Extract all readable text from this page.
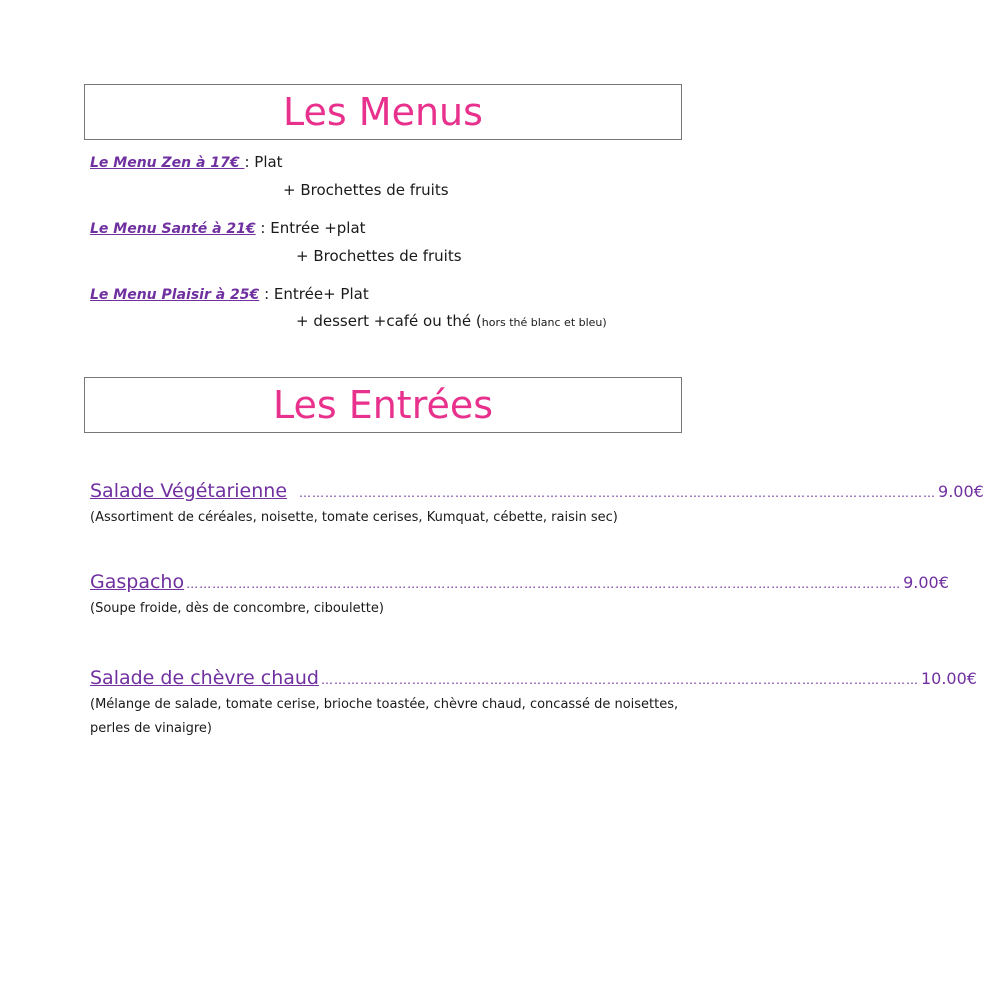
Les Menus
Le Menu Zen à 17€ : Plat
+ Brochettes de fruits
Le Menu Santé à 21€ : Entrée +plat
+ Brochettes de fruits
Le Menu Plaisir à 25€ : Entrée+ Plat
+ dessert +café ou thé (hors thé blanc et bleu)
Les Entrées
Salade Végétarienne ………………………………………………………………………………………………………………………………… 9.00€
(Assortiment de céréales, noisette, tomate cerises, Kumquat, cébette, raisin sec)
Gaspacho ………………………………………………………………………………………………………………………………………………… 9.00€
(Soupe froide, dès de concombre, ciboulette)
Salade de chèvre chaud ………………………………………………………………………………………………………………………… 10.00€
(Mélange de salade, tomate cerise, brioche toastée, chèvre chaud, concassé de noisettes, perles de vinaigre)
